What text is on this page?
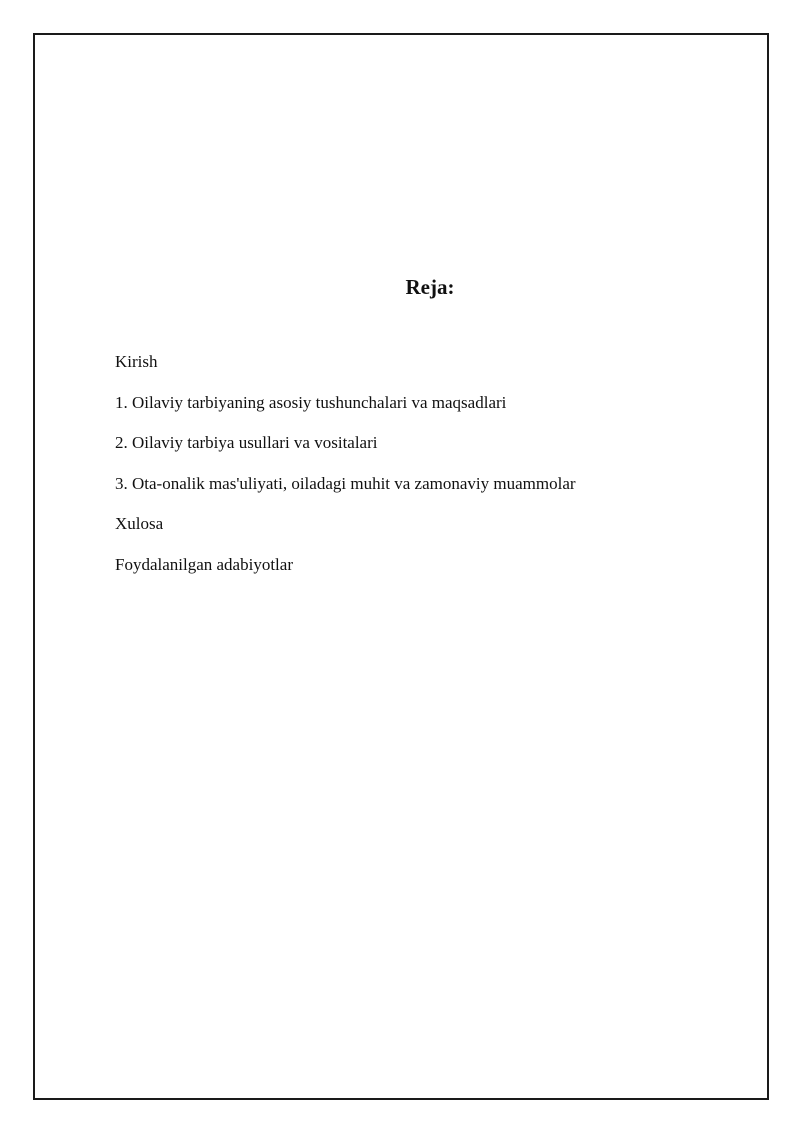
Reja:
Kirish
1. Oilaviy tarbiyaning asosiy tushunchalari va maqsadlari
2. Oilaviy tarbiya usullari va vositalari
3. Ota-onalik mas'uliyati, oiladagi muhit va zamonaviy muammolar
Xulosa
Foydalanilgan adabiyotlar
